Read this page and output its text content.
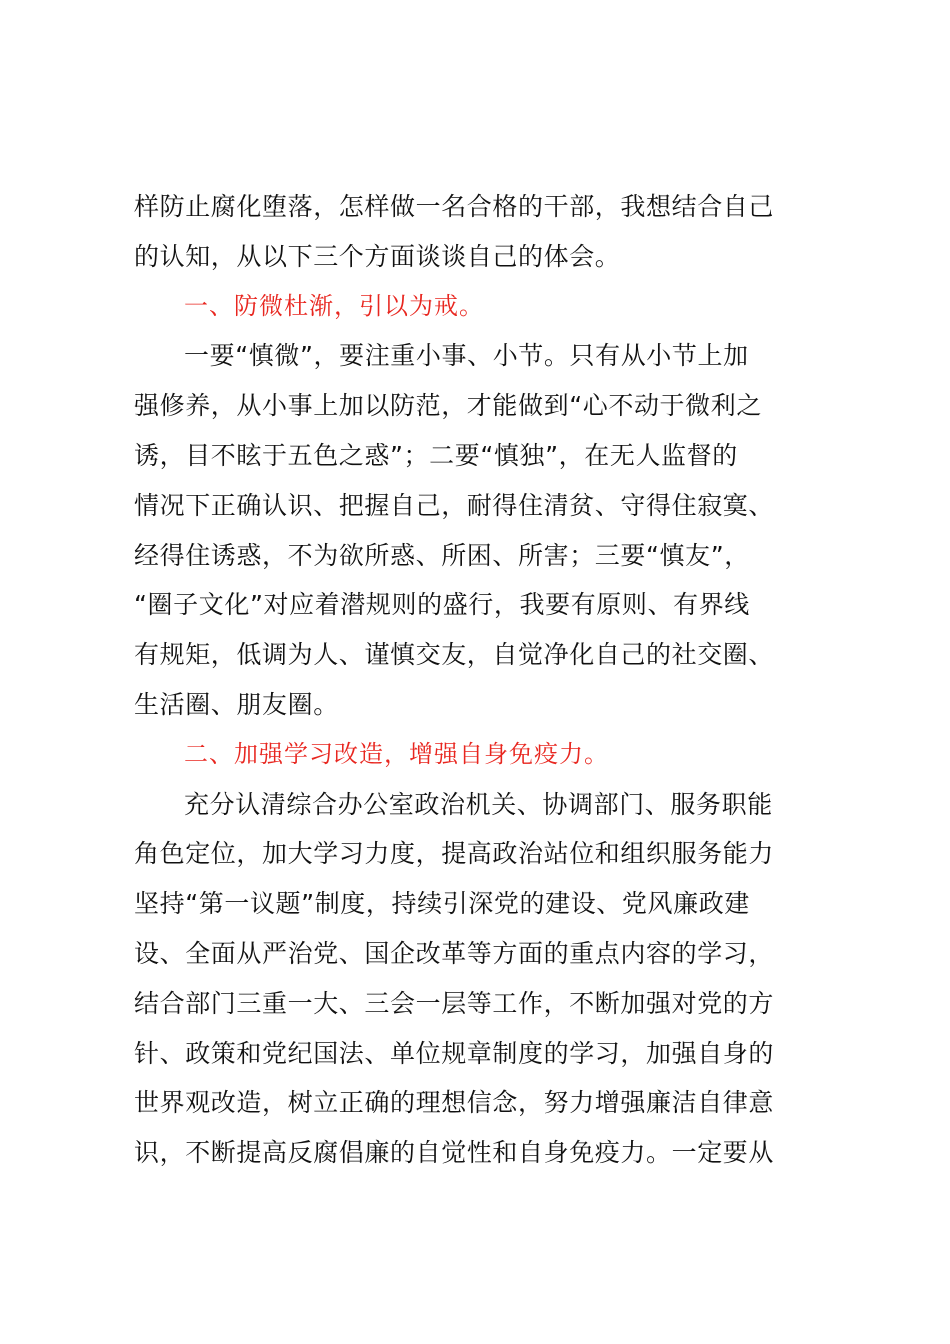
样防止腐化堕落，怎样做一名合格的干部，我想结合自己
的认知，从以下三个方面谈谈自己的体会。
一、防微杜渐，引以为戒。
一要“慎微”，要注重小事、小节。只有从小节上加
强修养，从小事上加以防范，才能做到“心不动于微利之
诱，目不眩于五色之惑”；二要“慎独”，在无人监督的
情况下正确认识、把握自己，耐得住清贫、守得住寂寞、
经得住诱惑，不为欲所惑、所困、所害；三要“慎友”，
“圈子文化”对应着潜规则的盛行，我要有原则、有界线
有规矩，低调为人、谨慎交友，自觉净化自己的社交圈、
生活圈、朋友圈。
二、加强学习改造，增强自身免疫力。
充分认清综合办公室政治机关、协调部门、服务职能
角色定位，加大学习力度，提高政治站位和组织服务能力
坚持“第一议题”制度，持续引深党的建设、党风廉政建
设、全面从严治党、国企改革等方面的重点内容的学习，
结合部门三重一大、三会一层等工作，不断加强对党的方
针、政策和党纪国法、单位规章制度的学习，加强自身的
世界观改造，树立正确的理想信念，努力增强廉洁自律意
识，不断提高反腐倡廉的自觉性和自身免疫力。一定要从
